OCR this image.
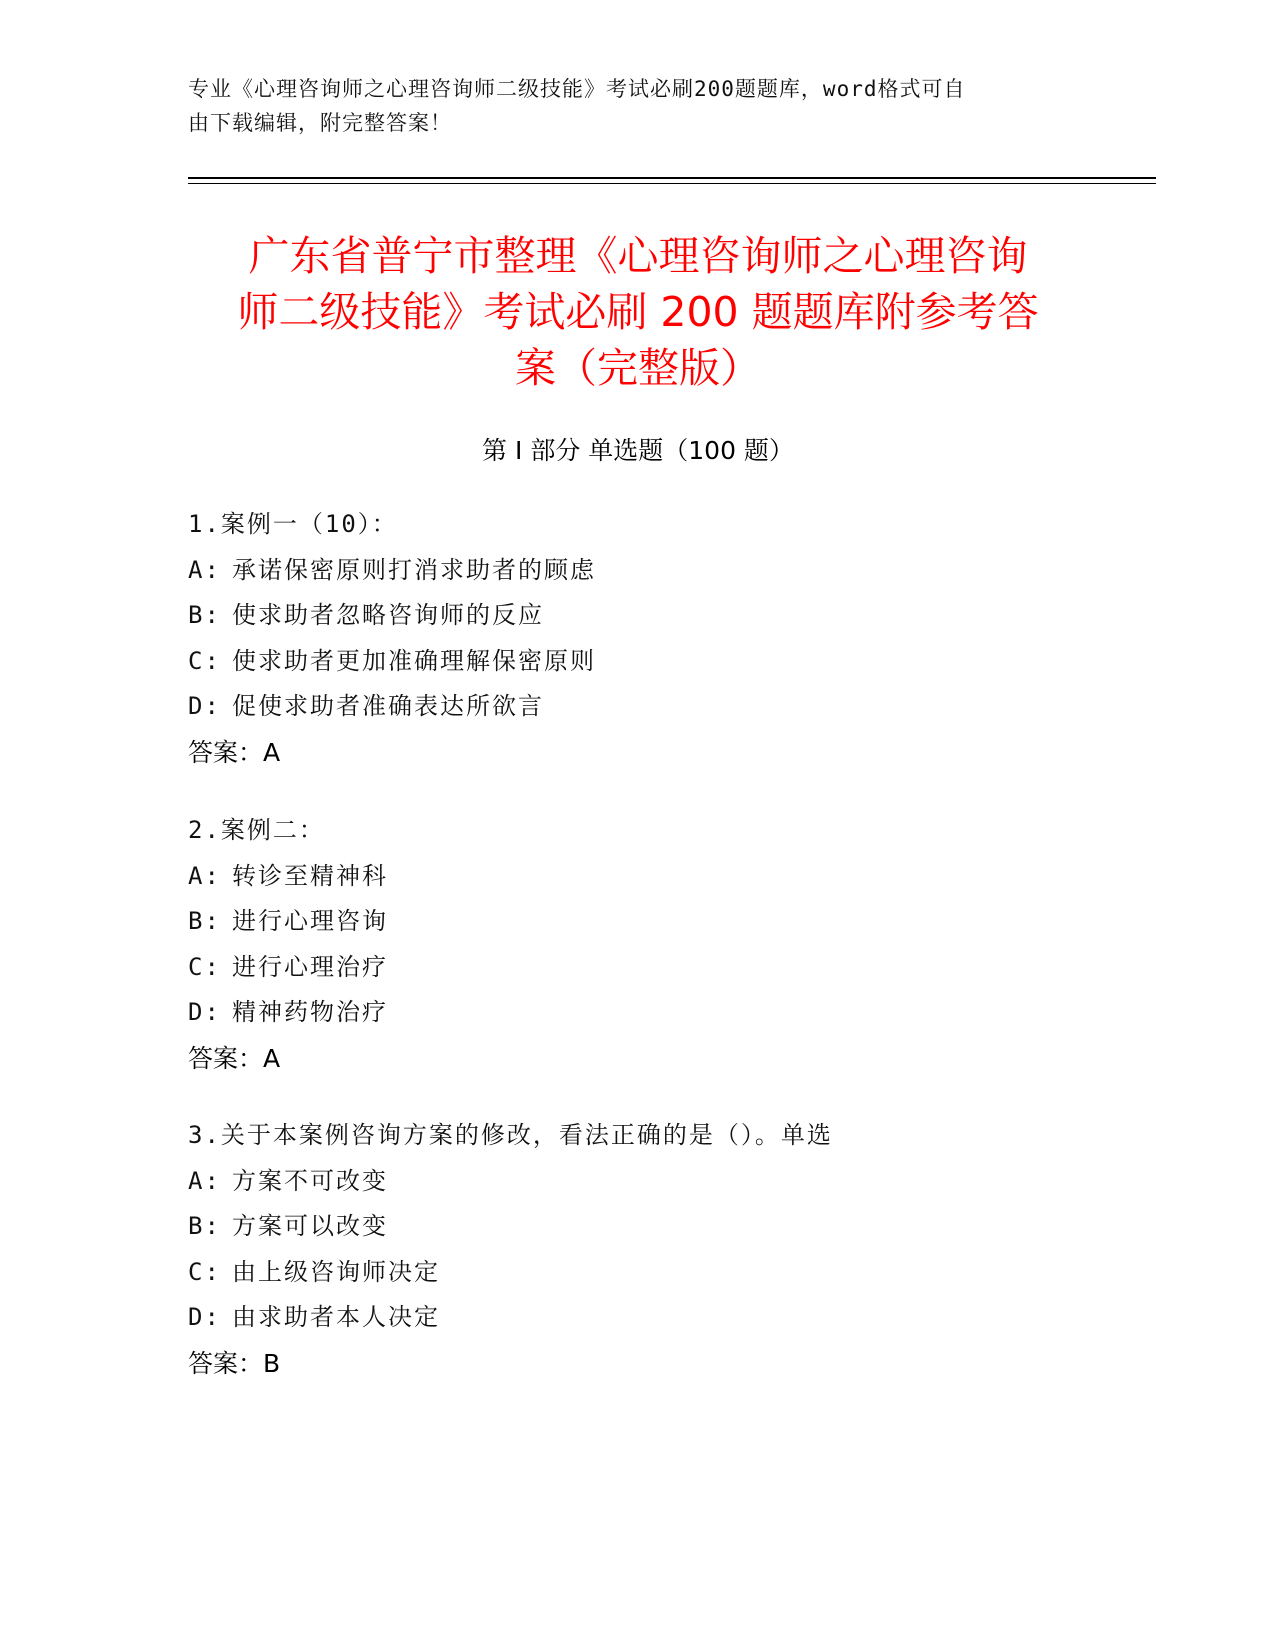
专业《心理咨询师之心理咨询师二级技能》考试必刷200题题库，word格式可自
由下载编辑，附完整答案！
广东省普宁市整理《心理咨询师之心理咨询
师二级技能》考试必刷 200 题题库附参考答
案（完整版）
第 I 部分 单选题（100 题）
1.案例一（10）：
A: 承诺保密原则打消求助者的顾虑
B: 使求助者忽略咨询师的反应
C: 使求助者更加准确理解保密原则
D: 促使求助者准确表达所欲言
答案：A
2.案例二：
A: 转诊至精神科
B: 进行心理咨询
C: 进行心理治疗
D: 精神药物治疗
答案：A
3.关于本案例咨询方案的修改，看法正确的是（）。单选
A: 方案不可改变
B: 方案可以改变
C: 由上级咨询师决定
D: 由求助者本人决定
答案：B
